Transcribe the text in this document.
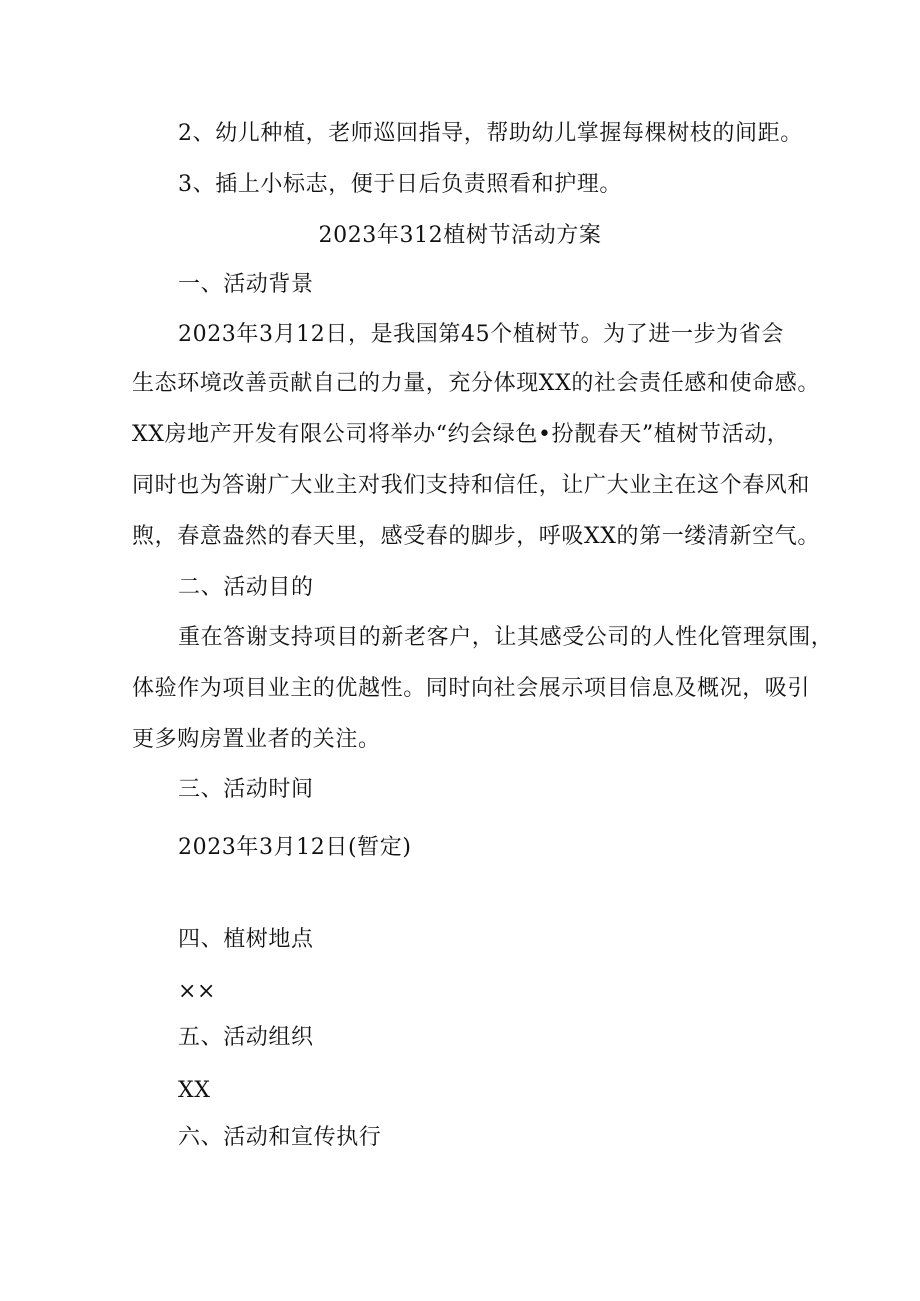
2、幼儿种植，老师巡回指导，帮助幼儿掌握每棵树枝的间距。
3、插上小标志，便于日后负责照看和护理。
2023年312植树节活动方案
一、活动背景
2023年3月12日，是我国第45个植树节。为了进一步为省会
生态环境改善贡献自己的力量，充分体现XX的社会责任感和使命感。
XX房地产开发有限公司将举办“约会绿色•扮靓春天”植树节活动，
同时也为答谢广大业主对我们支持和信任，让广大业主在这个春风和
煦，春意盎然的春天里，感受春的脚步，呼吸XX的第一缕清新空气。
二、活动目的
重在答谢支持项目的新老客户，让其感受公司的人性化管理氛围，
体验作为项目业主的优越性。同时向社会展示项目信息及概况，吸引
更多购房置业者的关注。
三、活动时间
2023年3月12日(暂定)
四、植树地点
××
五、活动组织
XX
六、活动和宣传执行
